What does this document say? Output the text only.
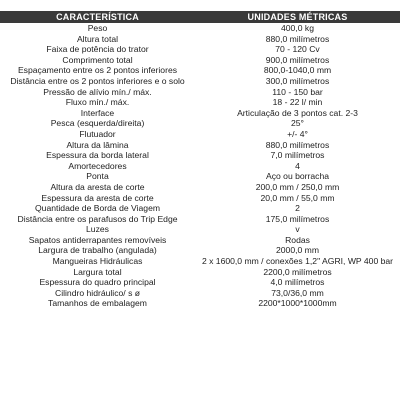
CARACTERÍSTICA	UNIDADES MÉTRICAS
Peso	400,0 kg
Altura total	880,0 milímetros
Faixa de potência do trator	70 - 120 Cv
Comprimento total	900,0 milímetros
Espaçamento entre os 2 pontos inferiores	800,0-1040,0 mm
Distância entre os 2 pontos inferiores e o solo	300,0 milímetros
Pressão de alívio mín./ máx.	110 - 150 bar
Fluxo mín./ máx.	18 - 22 l/ min
Interface	Articulação de 3 pontos cat. 2-3
Pesca (esquerda/direita)	25°
Flutuador	+/- 4°
Altura da lâmina	880,0 milímetros
Espessura da borda lateral	7,0 milímetros
Amortecedores	4
Ponta	Aço ou borracha
Altura da aresta de corte	200,0 mm / 250,0 mm
Espessura da aresta de corte	20,0 mm / 55,0 mm
Quantidade de Borda de Viagem	2
Distância entre os parafusos do Trip Edge	175,0 milímetros
Luzes	v
Sapatos antiderrapantes removíveis	Rodas
Largura de trabalho (angulada)	2000,0 mm
Mangueiras Hidráulicas	2 x 1600,0 mm / conexões 1,2" AGRI, WP 400 bar
Largura total	2200,0 milímetros
Espessura do quadro principal	4,0 milímetros
Cilindro hidráulico/ s ø	73,0/36,0 mm
Tamanhos de embalagem	2200*1000*1000mm
